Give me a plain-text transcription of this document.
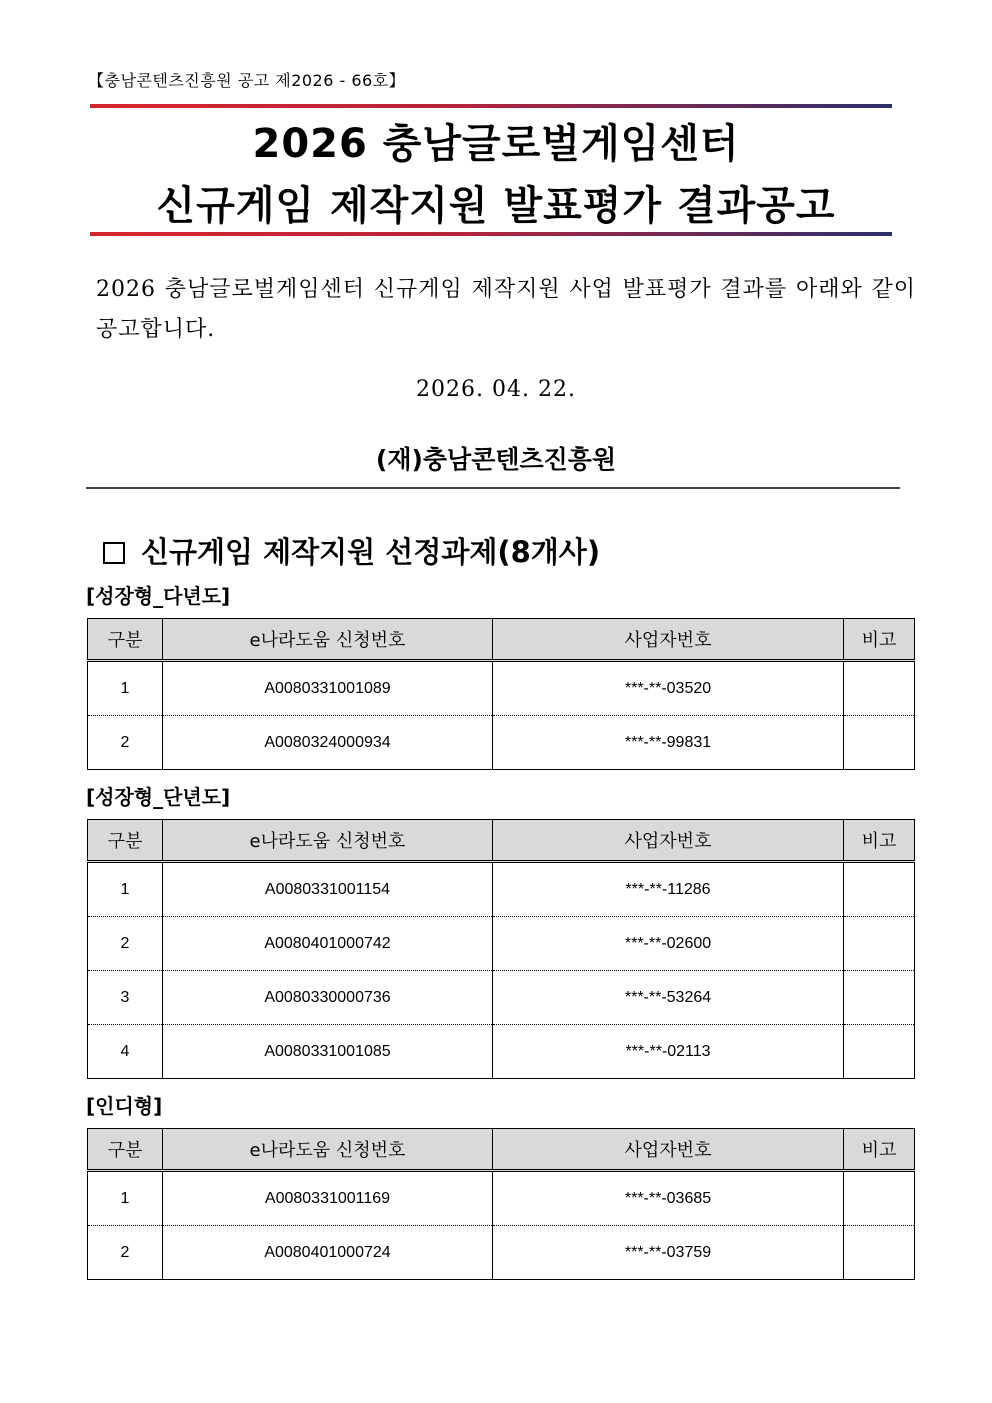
【충남콘텐츠진흥원 공고 제2026 - 66호】
2026 충남글로벌게임센터
신규게임 제작지원 발표평가 결과공고
2026 충남글로벌게임센터 신규게임 제작지원 사업 발표평가 결과를 아래와 같이 공고합니다.
2026. 04. 22.
(재)충남콘텐츠진흥원
신규게임 제작지원 선정과제(8개사)
[성장형_다년도]
구분	e나라도움 신청번호	사업자번호	비고
1	A0080331001089	***-**-03520	
2	A0080324000934	***-**-99831	
[성장형_단년도]
구분	e나라도움 신청번호	사업자번호	비고
1	A0080331001154	***-**-11286	
2	A0080401000742	***-**-02600	
3	A0080330000736	***-**-53264	
4	A0080331001085	***-**-02113	
[인디형]
구분	e나라도움 신청번호	사업자번호	비고
1	A0080331001169	***-**-03685	
2	A0080401000724	***-**-03759	
